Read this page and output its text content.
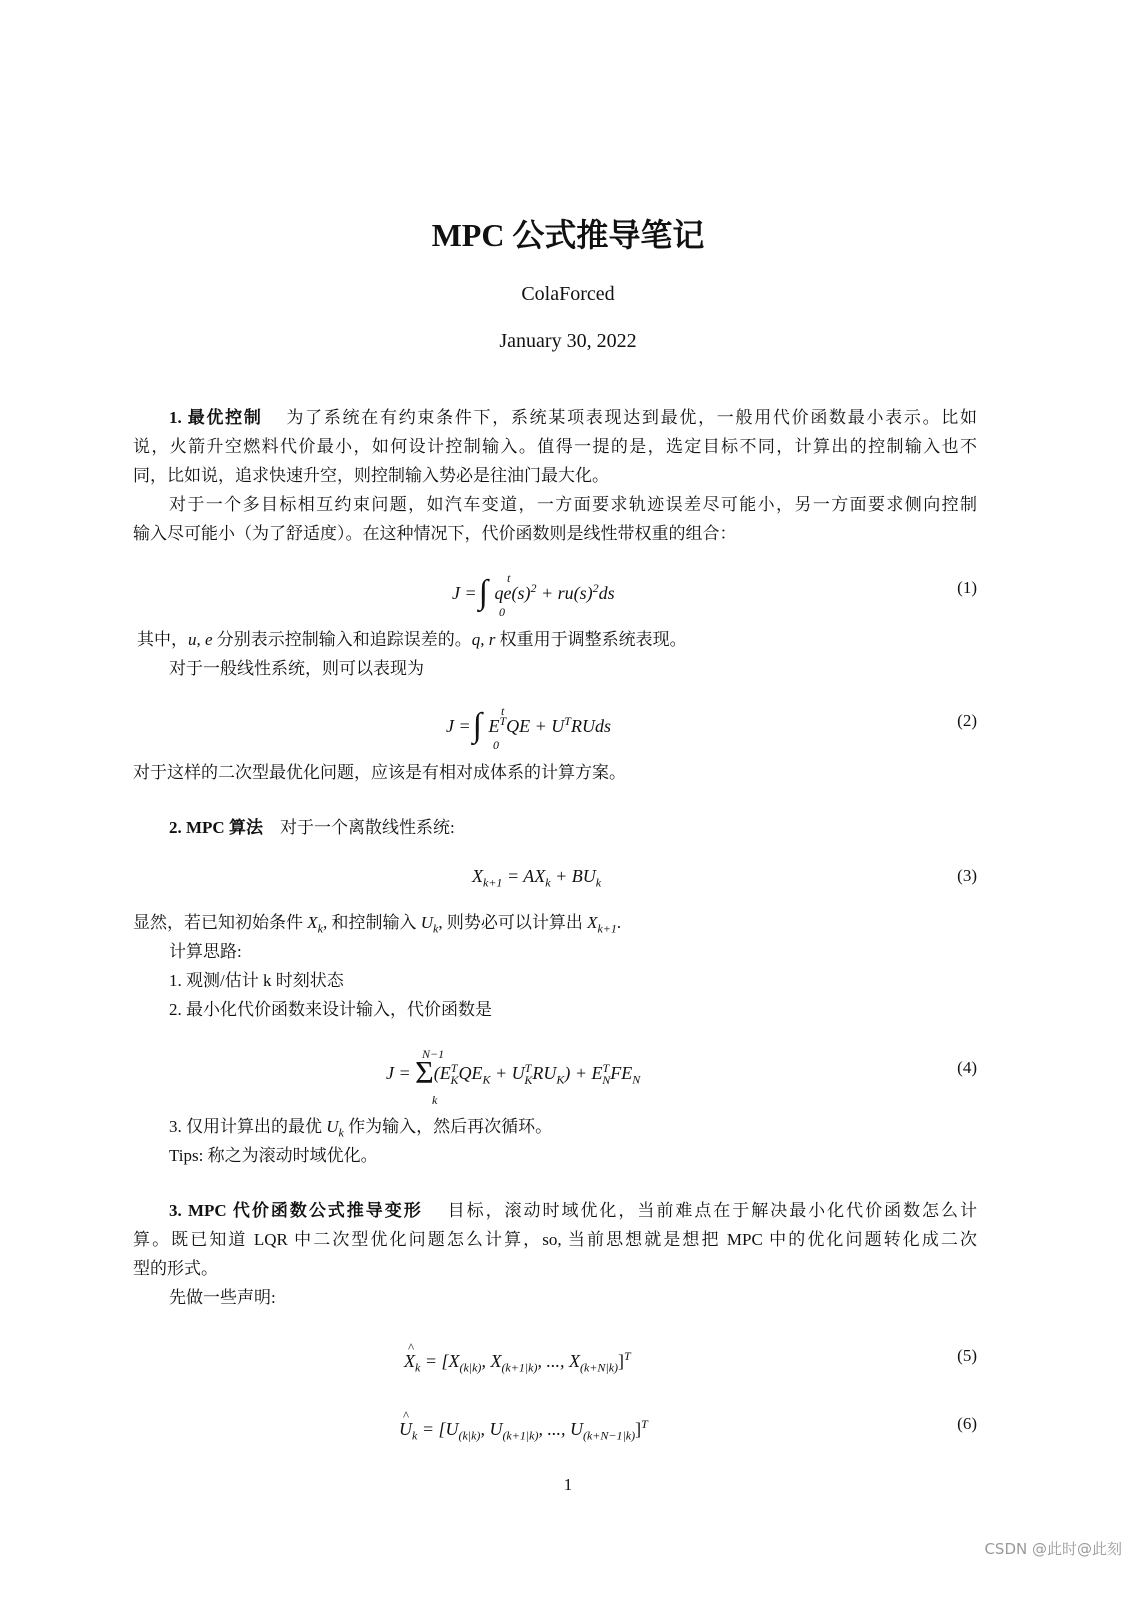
MPC 公式推导笔记
ColaForced
January 30, 2022
1. 最优控制 为了系统在有约束条件下，系统某项表现达到最优，一般用代价函数最小表示。比如
说，火箭升空燃料代价最小，如何设计控制输入。值得一提的是，选定目标不同，计算出的控制输入也不
同，比如说，追求快速升空，则控制输入势必是往油门最大化。
对于一个多目标相互约束问题，如汽车变道，一方面要求轨迹误差尽可能小，另一方面要求侧向控制
输入尽可能小（为了舒适度）。在这种情况下，代价函数则是线性带权重的组合：
J =∫ t
0
$qe(s)^2 + ru(s)^2ds$	(1)
其中，u, e 分别表示控制输入和追踪误差的。q, r 权重用于调整系统表现。
对于一般线性系统，则可以表现为
J =∫ t
0
$E^TQE$ + $U^TRUds$	(2)
对于这样的二次型最优化问题，应该是有相对成体系的计算方案。
2. MPC 算法 对于一个离散线性系统:
$X_{k+1} = AX_k + BU_k$	(3)
显然，若已知初始条件 $X_k$, 和控制输入 $U_k$, 则势必可以计算出 $X_{k+1}$.
计算思路:
1. 观测/估计 k 时刻状态
2. 最小化代价函数来设计输入，代价函数是
J = Σ
N−1
k
$(E^T_KQE_K + U^T_KRU_K) + E^T_NFE_N$
(4)
3. 仅用计算出的最优 $U_k$ 作为输入，然后再次循环。
Tips: 称之为滚动时域优化。
3. MPC 代价函数公式推导变形 目标，滚动时域优化，当前难点在于解决最小化代价函数怎么计
算。既已知道 LQR 中二次型优化问题怎么计算，so, 当前思想就是想把 MPC 中的优化问题转化成二次
型的形式。
先做一些声明:
^ $X_k = [X_{(k|k)}$, $X_{(k+1|k)}$, ..., $X_{(k+N|k)}]^T$	(5)
^ $U_k = [U_{(k|k)}$, $U_{(k+1|k)}$, ..., $U_{(k+N-1|k)}]^T$	(6)
1
CSDN @此时@此刻
